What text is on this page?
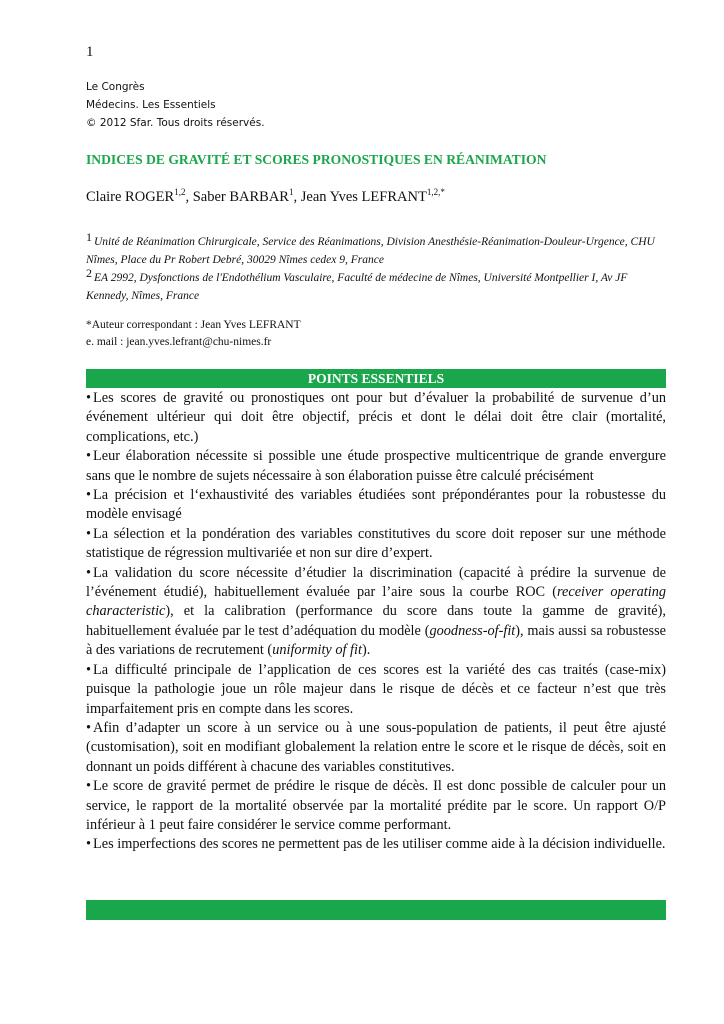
1
Le Congrès
Médecins. Les Essentiels
© 2012 Sfar. Tous droits réservés.
INDICES DE GRAVITÉ ET SCORES PRONOSTIQUES EN RÉANIMATION
Claire ROGER$^{1,2}$, Saber BARBAR$^1$, Jean Yves $LEFRANT^{1,2,*}$
1 Unité de Réanimation Chirurgicale, Service des Réanimations, Division Anesthésie-Réanimation-Douleur-Urgence, CHU Nîmes, Place du Pr Robert Debré, 30029 Nîmes cedex 9, France
2 EA 2992, Dysfonctions de l'Endothélium Vasculaire, Faculté de médecine de Nîmes, Université Montpellier I, Av JF Kennedy, Nîmes, France
*Auteur correspondant : Jean Yves LEFRANT
e. mail : jean.yves.lefrant@chu-nimes.fr
POINTS ESSENTIELS

• Les scores de gravité ou pronostiques ont pour but d’évaluer la probabilité de survenue d’un événement ultérieur qui doit être objectif, précis et dont le délai doit être clair (mortalité, complications, etc.)

• Leur élaboration nécessite si possible une étude prospective multicentrique de grande envergure sans que le nombre de sujets nécessaire à son élaboration puisse être calculé précisément

• La précision et l‘exhaustivité des variables étudiées sont prépondérantes pour la robustesse du modèle envisagé

• La sélection et la pondération des variables constitutives du score doit reposer sur une méthode statistique de régression multivariée et non sur dire d’expert.

• La validation du score nécessite d’étudier la discrimination (capacité à prédire la survenue de l’événement étudié), habituellement évaluée par l’aire sous la courbe ROC (receiver operating characteristic), et la calibration (performance du score dans toute la gamme de gravité), habituellement évaluée par le test d’adéquation du modèle (goodness-of-fit), mais aussi sa robustesse à des variations de recrutement (uniformity of fit).

• La difficulté principale de l’application de ces scores est la variété des cas traités (case-mix) puisque la pathologie joue un rôle majeur dans le risque de décès et ce facteur n’est que très imparfaitement pris en compte dans les scores.

• Afin d’adapter un score à un service ou à une sous-population de patients, il peut être ajusté (customisation), soit en modifiant globalement la relation entre le score et le risque de décès, soit en donnant un poids différent à chacune des variables constitutives.

• Le score de gravité permet de prédire le risque de décès. Il est donc possible de calculer pour un service, le rapport de la mortalité observée par la mortalité prédite par le score. Un rapport O/P inférieur à 1 peut faire considérer le service comme performant.

• Les imperfections des scores ne permettent pas de les utiliser comme aide à la décision individuelle.
